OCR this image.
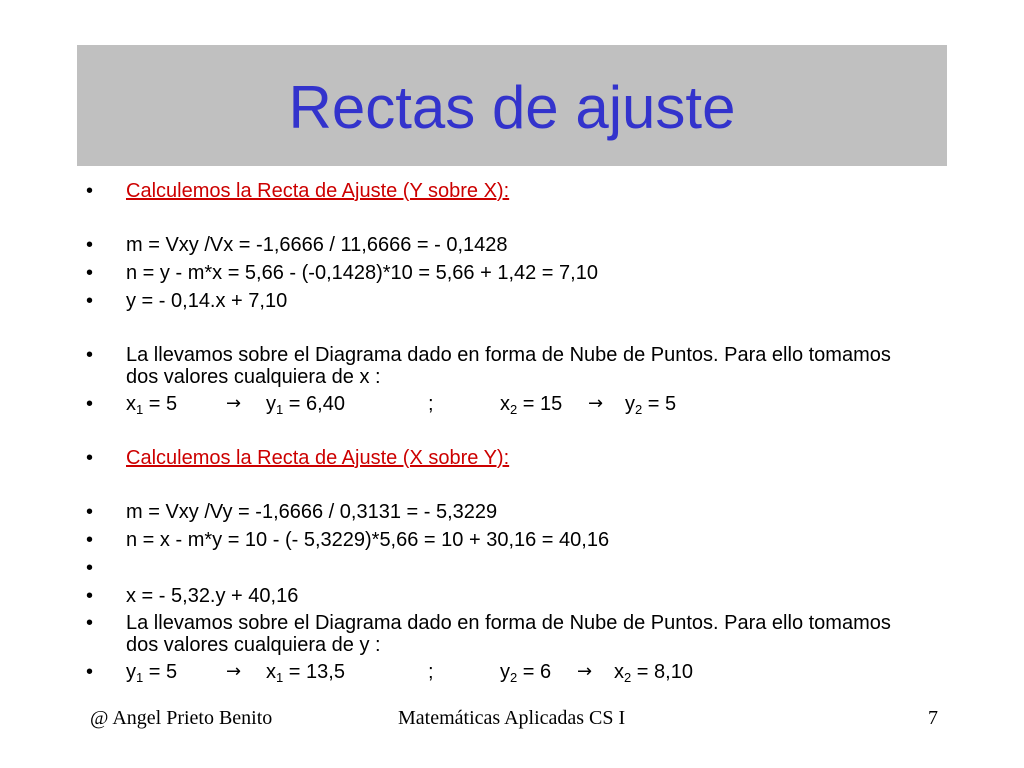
Rectas de ajuste
• Calculemos la Recta de Ajuste (Y sobre X):
• m = Vxy /Vx = -1,6666 / 11,6666 = - 0,1428
• n = y - m*x = 5,66 - (-0,1428)*10 = 5,66 + 1,42 = 7,10
• y = - 0,14.x + 7,10
• La llevamos sobre el Diagrama dado en forma de Nube de Puntos. Para ello tomamos dos valores cualquiera de x :
• $x_1 = 5$	→ $y_1 = 6,40$	;	$x_2 = 15 \to y_2 = 5$
• Calculemos la Recta de Ajuste (X sobre Y):
• m = Vxy /Vy = -1,6666 / 0,3131 = - 5,3229
• n = x - m*y = 10 - (- 5,3229)*5,66 = 10 + 30,16 = 40,16
•
• x = - 5,32.y + 40,16
• La llevamos sobre el Diagrama dado en forma de Nube de Puntos. Para ello tomamos dos valores cualquiera de y :
• $y_1 = 5$	→ $x_1 = 13,5$	;	$y_2 = 6 \to x_2 = 8,10$
@ Angel Prieto Benito	Matemáticas Aplicadas CS I	7
